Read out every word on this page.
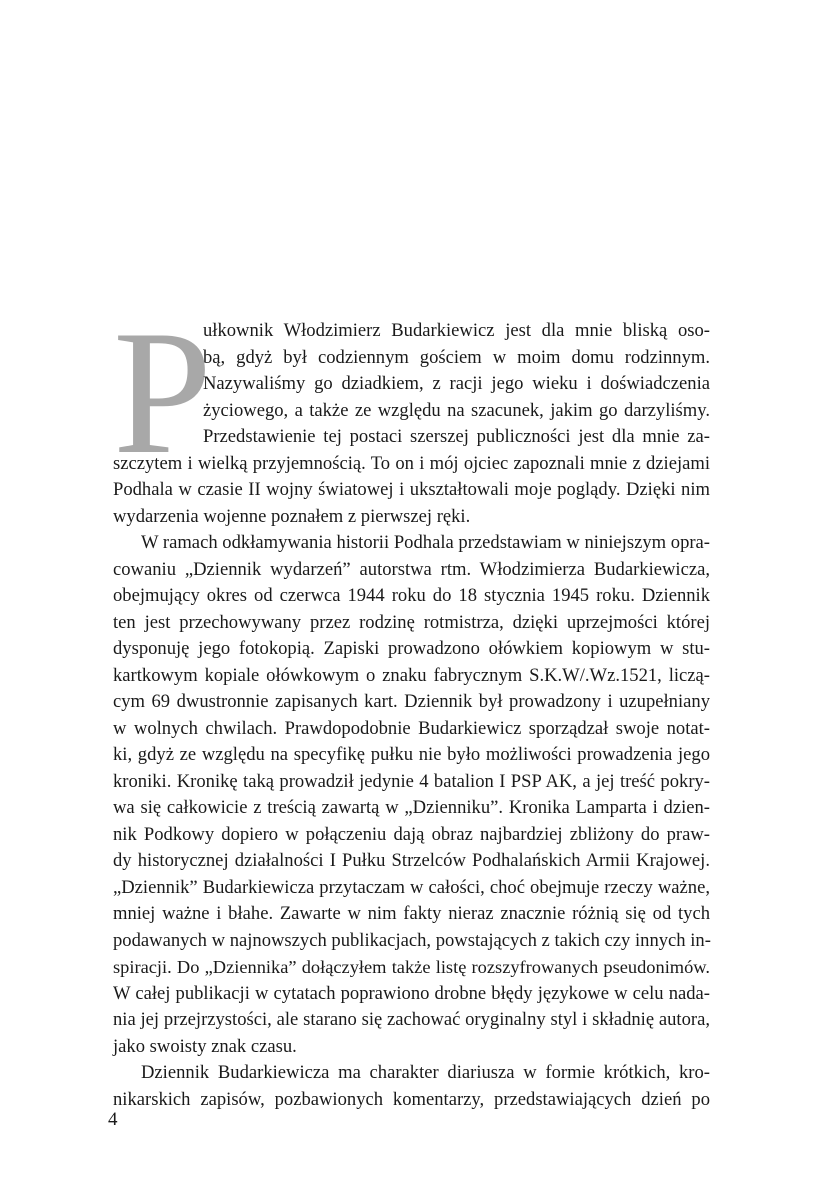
P
ułkownik Włodzimierz Budarkiewicz jest dla mnie bliską oso-
bą, gdyż był codziennym gościem w moim domu rodzinnym.
Nazywaliśmy go dziadkiem, z racji jego wieku i doświadczenia
życiowego, a także ze względu na szacunek, jakim go darzyliśmy.
Przedstawienie tej postaci szerszej publiczności jest dla mnie za-
szczytem i wielką przyjemnością. To on i mój ojciec zapoznali mnie z dziejami
Podhala w czasie II wojny światowej i ukształtowali moje poglądy. Dzięki nim
wydarzenia wojenne poznałem z pierwszej ręki.
W ramach odkłamywania historii Podhala przedstawiam w niniejszym opra-
cowaniu „Dziennik wydarzeń” autorstwa rtm. Włodzimierza Budarkiewicza,
obejmujący okres od czerwca 1944 roku do 18 stycznia 1945 roku. Dziennik
ten jest przechowywany przez rodzinę rotmistrza, dzięki uprzejmości której
dysponuję jego fotokopią. Zapiski prowadzono ołówkiem kopiowym w stu-
kartkowym kopiale ołówkowym o znaku fabrycznym S.K.W/.Wz.1521, liczą-
cym 69 dwustronnie zapisanych kart. Dziennik był prowadzony i uzupełniany
w wolnych chwilach. Prawdopodobnie Budarkiewicz sporządzał swoje notat-
ki, gdyż ze względu na specyfikę pułku nie było możliwości prowadzenia jego
kroniki. Kronikę taką prowadził jedynie 4 batalion I PSP AK, a jej treść pokry-
wa się całkowicie z treścią zawartą w „Dzienniku”. Kronika Lamparta i dzien-
nik Podkowy dopiero w połączeniu dają obraz najbardziej zbliżony do praw-
dy historycznej działalności I Pułku Strzelców Podhalańskich Armii Krajowej.
„Dziennik” Budarkiewicza przytaczam w całości, choć obejmuje rzeczy ważne,
mniej ważne i błahe. Zawarte w nim fakty nieraz znacznie różnią się od tych
podawanych w najnowszych publikacjach, powstających z takich czy innych in-
spiracji. Do „Dziennika” dołączyłem także listę rozszyfrowanych pseudonimów.
W całej publikacji w cytatach poprawiono drobne błędy językowe w celu nada-
nia jej przejrzystości, ale starano się zachować oryginalny styl i składnię autora,
jako swoisty znak czasu.
Dziennik Budarkiewicza ma charakter diariusza w formie krótkich, kro-
nikarskich zapisów, pozbawionych komentarzy, przedstawiających dzień po
4
